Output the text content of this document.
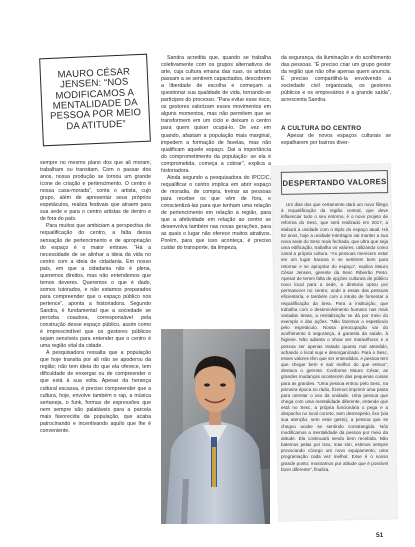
MAURO CÉSAR JENSEN: “NOS MODIFICAMOS A MENTALIDADE DA PESSOA POR MEIO DA ATITUDE”

sempre no mesmo plano dos que ali moram, trabalham ou transitam. Com o passar dos anos, nossa produção se tornou um grande ícone de criação e pertencimento. O centro é nossa casa-morada”, conta o artista, cujo grupo, além de apresentar seus próprios espetáculos, realiza festivais que atraem para sua sede e para o centro artistas de dentro e de fora do país.

Para muitos que ambiciam a perspectiva de requalificação do centro, a falta dessa sensação de pertencimento e de apropriação do espaço é o maior entrave. “Há a necessidade de se alinhar a ideia da vida no centro com a ideia de cidadania. Em nosso país, em que a cidadania não é plena, queremos direitos, mas não entendemos que temos deveres. Queremos o que é dado, somos tutorados, e não estamos preparados para compreender que o espaço público nos pertence”, aponta a historiadora. Segundo Sandra, é fundamental que a sociedade se perceba coautora, corresponsável pela construção desse espaço público, assim como é imprescindível que os gestores públicos sejam sensíveis para entender que o centro é uma região vital da cidade.

A pesquisadora ressalta que a população que hoje transita por ali não se apoderou da região; não tem ideia do que ela oferece, tem dificuldade de enxergar ou de compreender o que está à sua volta. Apesar da herança cultural escassa, é preciso compreender que a cultura, hoje, envolve também o rap, a música sertaneja, o funk, formas de expressões que nem sempre são palatáveis para a parcela mais favorecida da população, que acaba patrocinando e incentivando aquilo que lhe é conveniente.

Sandra acredita que, quando se trabalha coletivamente com os grupos alternativos de arte, cuja cultura emana das ruas, os artistas passam a se sentirem capacitados, descobrem a liberdade de escolha e começam a questionar sua qualidade de vida, tornando-se partícipes do processo. “Para evitar esse risco, os gestores valorizam esses movimentos em alguns momentos, mas não permitem que se transformem em um ciclo e deixam o centro para quem quiser ocupá-lo. De vez em quando, afastam a população mais marginal, impedem a formação de favelas, mas não qualificam aquele espaço. Dai a importância do comprometimento da população: se ela é comprometida, começa a cobrar”, explica a historiadora.

Ainda segundo a pesquisadora do IPCCIC, requalificar o centro implica em abrir espaço de moradia, de compra, treinar as pessoas para receber os que vêm de fora, e conscientizá-las para que tenham uma relação de pertencimento em relação à região, para que a afetividade em relação ao centro se desenvolva também nas novas gerações, para as quais o lugar não oferece muitos atrativos. Porém, para que isso aconteça, é preciso cuidar do transporte, da limpeza,

da segurança, da iluminação e do acolhimento das pessoas. “É preciso criar um grupo gestor da região que não olhe apenas quem anuncia. É preciso compartilhá-la envolvendo a sociedade civil organizada, os gestores públicos e os empresários é a grande saída”, acrescenta Sandra.

A CULTURA DO CENTRO
Apesar de novos espaços culturais se espalharem por bairros diver-
DESPERTANDO VALORES

Um dias dos que certamente dará um novo fôlego à requalificação da região central, que deve influenciar todo o seu entorno, é o novo projeto de reforma do Sesc, que será realizado em 2017, a elaborá a unidade com o triplo do espaço atual. Há 52 anos, hoje a unidade Interlagos vai manter a sua nova sede do Sesc mais fechada, que ultra que seja uma edificação, trabalha os valores, utilizando como canal a própria cultura. “As pessoas merecem estar em um lugar bacana e se sentirem bem para retornar e se apropriar do espaço”, explica Mauro César Jensen, gerente da Sesc Ribeirão Preto. Apesar de terem falta de opções culturais de público novo local para a sede, a diretoria optou por permanecer no centro, onde a essas das pessoas eficientaría, e também com o intuito de fomentar a requalificação da área. Para a instituição, que trabalha com o desenvolvimento humano nas mais variadas áreas, a revitalização se dá por meio do exemplo e das ações. “Não fazemos o espetáculo pelo espetáculo. Nossa preocupação vai do acolhimento à segurança, à garantia da saúde, à higiene. Não adianta o show ser maravilhoso e a pessoa ser apenas tratado quanto mal atendido, achando o local sujo e desorganizado. Para o Sesc, esses valores têm que ser entendidos. A pessoa tem que chegar bem e sair melhor do que entrou”, destaca o gerente. Conforme Mauro César, as grandes mudanças acontecem das pequenas coisas para as grandes. “Uma pessoa entrou pelo Sesc, na primeira época no rádio, fizemos imprimir uma pasta para orientar o uso da unidade. Uma pessoa que chega com uma mentalidade diferente, entende que está no Sesc, a própria funcionária o pega e a despacha no local correto, sem desrespeito, lixo (via sua atenção, sem esse gesto), a pessoa que se chegou acabe se sentindo constrangida. Nós modificamos a mentalidade da pessoa por meio da atitude. Ela continuará sendo bem recebida. Não batemos pelas por isso, mas sim, estimos sempre provocando cócego um novo equipamento, uma programação cada vez melhor. Esse é o nosso grande ponto: mostramos por atitude que é possível fazer diferente”, finaliza.

51
